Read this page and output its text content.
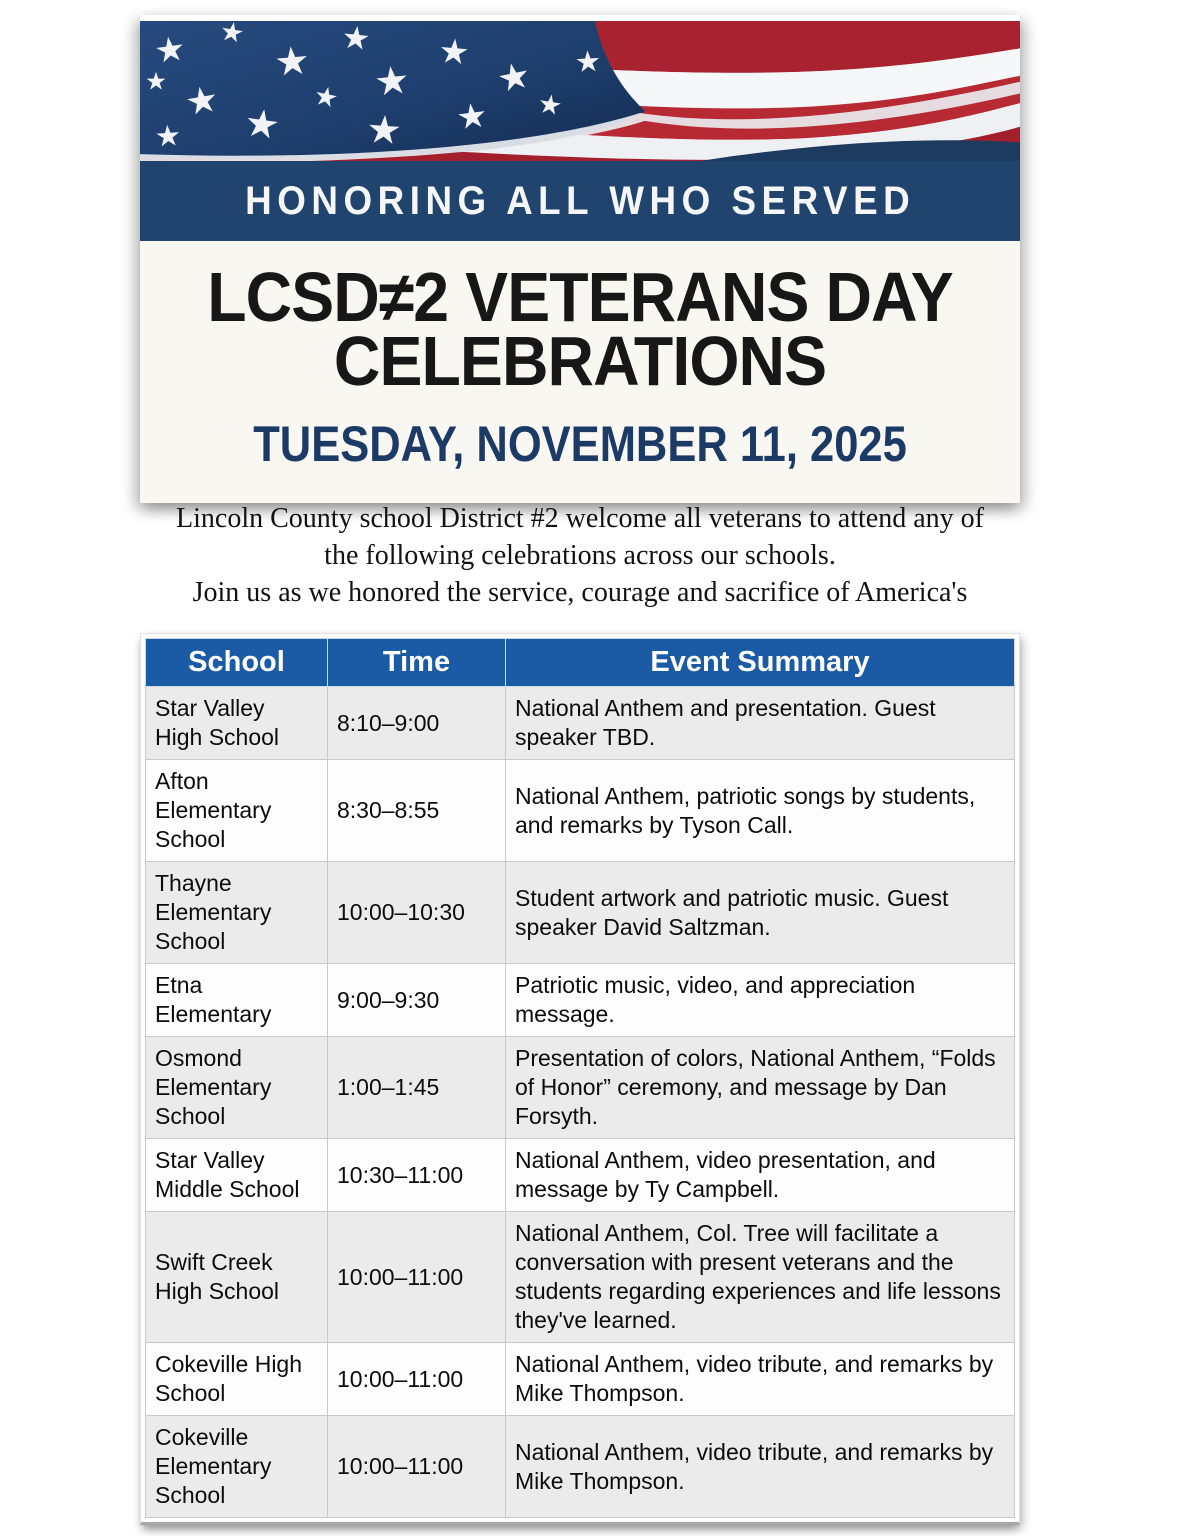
HONORING ALL WHO SERVED
LCSD≠2 VETERANS DAY
CELEBRATIONS
TUESDAY, NOVEMBER 11, 2025

Lincoln County school District #2 welcome all veterans to attend any of
the following celebrations across our schools.
Join us as we honored the service, courage and sacrifice of America's

School	Time	Event Summary
Star Valley High School	8:10–9:00	National Anthem and presentation. Guest speaker TBD.
Afton Elementary School	8:30–8:55	National Anthem, patriotic songs by students, and remarks by Tyson Call.
Thayne Elementary School	10:00–10:30	Student artwork and patriotic music. Guest speaker David Saltzman.
Etna Elementary	9:00–9:30	Patriotic music, video, and appreciation message.
Osmond Elementary School	1:00–1:45	Presentation of colors, National Anthem, “Folds of Honor” ceremony, and message by Dan Forsyth.
Star Valley Middle School	10:30–11:00	National Anthem, video presentation, and message by Ty Campbell.
Swift Creek High School	10:00–11:00	National Anthem, Col. Tree will facilitate a conversation with present veterans and the students regarding experiences and life lessons they've learned.
Cokeville High School	10:00–11:00	National Anthem, video tribute, and remarks by Mike Thompson.
Cokeville Elementary School	10:00–11:00	National Anthem, video tribute, and remarks by Mike Thompson.
